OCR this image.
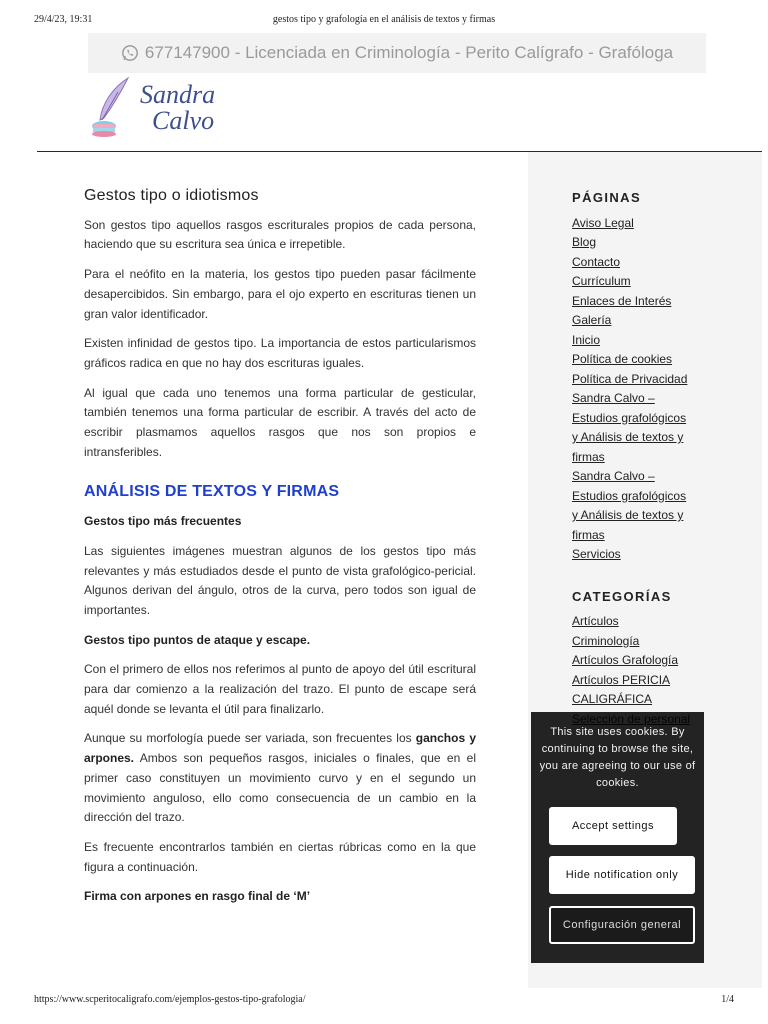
29/4/23, 19:31	gestos tipo y grafología en el análisis de textos y firmas
677147900 - Licenciada en Criminología - Perito Calígrafo - Grafóloga
Sandra
Calvo
Gestos tipo o idiotismos

Son gestos tipo aquellos rasgos escriturales propios de cada persona, haciendo que su escritura sea única e irrepetible.

Para el neófito en la materia, los gestos tipo pueden pasar fácilmente desapercibidos. Sin embargo, para el ojo experto en escrituras tienen un gran valor identificador.

Existen infinidad de gestos tipo. La importancia de estos particularismos gráficos radica en que no hay dos escrituras iguales.

Al igual que cada uno tenemos una forma particular de gesticular, también tenemos una forma particular de escribir. A través del acto de escribir plasmamos aquellos rasgos que nos son propios e intransferibles.

ANÁLISIS DE TEXTOS Y FIRMAS
Gestos tipo más frecuentes

Las siguientes imágenes muestran algunos de los gestos tipo más relevantes y más estudiados desde el punto de vista grafológico-pericial. Algunos derivan del ángulo, otros de la curva, pero todos son igual de importantes.

Gestos tipo puntos de ataque y escape.

Con el primero de ellos nos referimos al punto de apoyo del útil escritural para dar comienzo a la realización del trazo. El punto de escape será aquél donde se levanta el útil para finalizarlo.

Aunque su morfología puede ser variada, son frecuentes los ganchos y arpones. Ambos son pequeños rasgos, iniciales o finales, que en el primer caso constituyen un movimiento curvo y en el segundo un movimiento anguloso, ello como consecuencia de un cambio en la dirección del trazo.

Es frecuente encontrarlos también en ciertas rúbricas como en la que figura a continuación.

Firma con arpones en rasgo final de ‘M’
PÁGINAS
Aviso Legal
Blog
Contacto
Currículum
Enlaces de Interés
Galería
Inicio
Política de cookies
Política de Privacidad
Sandra Calvo – Estudios grafológicos y Análisis de textos y firmas
Sandra Calvo – Estudios grafológicos y Análisis de textos y firmas
Servicios
CATEGORÍAS
Artículos
Criminología
Artículos Grafología
Artículos PERICIA CALIGRÁFICA
This site uses cookies. By continuing to browse the site, you are agreeing to our use of cookies.
Accept settings
Hide notification only
Configuración general
https://www.scperitocaligrafo.com/ejemplos-gestos-tipo-grafologia/	1/4
